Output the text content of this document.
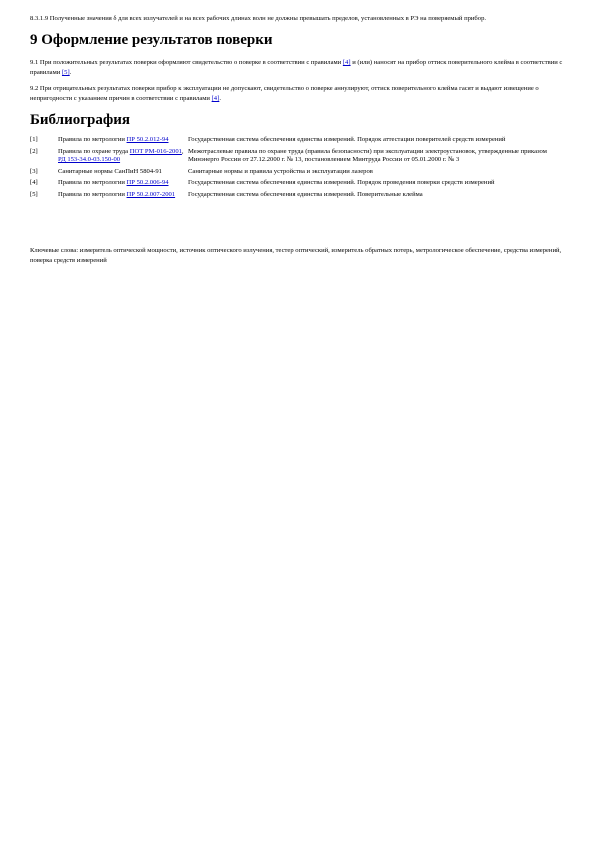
8.3.1.9 Полученные значения δ для всех излучателей и на всех рабочих длинах волн не должны превышать пределов, установленных в РЭ на поверяемый прибор.

9 Оформление результатов поверки

9.1 При положительных результатах поверки оформляют свидетельство о поверке в соответствии с правилами [4] и (или) наносят на прибор оттиск поверительного клейма в соответствии с правилами [5].

9.2 При отрицательных результатах поверки прибор к эксплуатации не допускают, свидетельство о поверке аннулируют, оттиск поверительного клейма гасят и выдают извещение о непригодности с указанием причин в соответствии с правилами [4].

Библиография
[1]	Правила по метрологии ПР 50.2.012-94	Государственная система обеспечения единства измерений. Порядок аттестации поверителей средств измерений
[2]	Правила по охране труда ПОТ РМ-016-2001, РД 153-34.0-03.150-00	Межотраслевые правила по охране труда (правила безопасности) при эксплуатации электроустановок, утвержденные приказом Минэнерго России от 27.12.2000 г. № 13, постановлением Минтруда России от 05.01.2000 г. № 3
[3]	Санитарные нормы СанПиН 5804-91	Санитарные нормы и правила устройства и эксплуатации лазеров
[4]	Правила по метрологии ПР 50.2.006-94	Государственная система обеспечения единства измерений. Порядок проведения поверки средств измерений
[5]	Правила по метрологии ПР 50.2.007-2001	Государственная система обеспечения единства измерений. Поверительные клейма

Ключевые слова: измеритель оптической мощности, источник оптического излучения, тестер оптический, измеритель обратных потерь, метрологическое обеспечение, средства измерений, поверка средств измерений
